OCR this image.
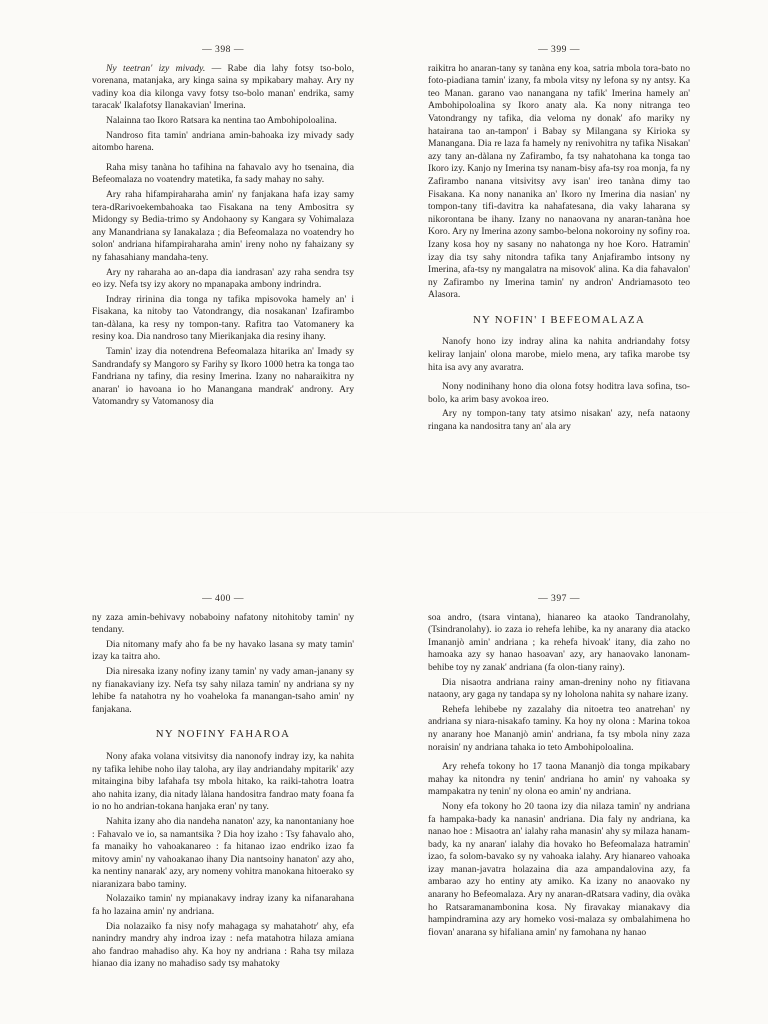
— 398 —

Ny teetran' izy mivady. — Rabe dia lahy fotsy tso-bolo, vorenana, matanjaka, ary kinga saina sy mpikabary mahay. Ary ny vadiny koa dia kilonga vavy fotsy tso-bolo manan' endrika, samy taracak' Ikalafotsy Ilanakavian' Imerina.

Nalainna tao Ikoro Ratsara ka nentina tao Ambohipoloalina.

Nandroso fita tamin' andriana amin-bahoaka izy mivady sady aitombo harena.

Raha misy tanàna ho tafihina na fahavalo avy ho tsenaina, dia Befeomalaza no voatendry matetika, fa sady mahay no sahy.

Ary raha hifampiraharaha amin' ny fanjakana hafa izay samy tera-dRarivoekembahoaka tao Fisakana na teny Ambositra sy Midongy sy Bedia-trimo sy Andohaony sy Kangara sy Vohimalaza any Manandriana sy Ianakalaza ; dia Befeomalaza no voatendry ho solon' andriana hifampiraharaha amin' ireny noho ny fahaizany sy ny fahasahiany mandaha-teny.

Ary ny raharaha ao an-dapa dia iandrasan' azy raha sendra tsy eo izy. Nefa tsy izy akory no mpanapaka ambony indrindra.

Indray ririnina dia tonga ny tafika mpisovoka hamely an' i Fisakana, ka nitoby tao Vatondrangy, dia nosakanan' Izafirambo tan-dàlana, ka resy ny tompon-tany. Rafitra tao Vatomanery ka resiny koa. Dia nandroso tany Mierikanjaka dia resiny ihany.

Tamin' izay dia notendrena Befeomalaza hitarika an' Imady sy Sandrandafy sy Mangoro sy Farihy sy Ikoro 1000 hetra ka tonga tao Fandriana ny tafiny, dia resiny Imerina. Izany no naharaikitra ny anaran' io havoana io ho Manangana mandrak' androny. Ary Vatomandry sy Vatomanosy dia

— 399 —

raikitra ho anaran-tany sy tanàna eny koa, satria mbola tora-bato no foto-piadiana tamin' izany, fa mbola vitsy ny lefona sy ny antsy. Ka teo Manan. garano vao nanangana ny tafik' Imerina hamely an' Ambohipoloalina sy Ikoro anaty ala. Ka nony nitranga teo Vatondrangy ny tafika, dia veloma ny donak' afo mariky ny hatairana tao an-tampon' i Babay sy Milangana sy Kirioka sy Manangana. Dia re laza fa hamely ny renivohitra ny tafika Nisakan' azy tany an-dàlana ny Zafirambo, fa tsy nahatohana ka tonga tao Ikoro izy. Kanjo ny Imerina tsy nanam-bisy afa-tsy roa monja, fa ny Zafirambo nanana vitsivitsy avy isan' ireo tanàna dimy tao Fisakana. Ka nony nananika an' Ikoro ny Imerina dia nasian' ny tompon-tany tifi-davitra ka nahafatesana, dia vaky laharana sy nikorontana be ihany. Izany no nanaovana ny anaran-tanàna hoe Koro. Ary ny Imerina azony sambo-belona nokoroiny ny sofiny roa. Izany kosa hoy ny sasany no nahatonga ny hoe Koro. Hatramin' izay dia tsy sahy nitondra tafika tany Anjafirambo intsony ny Imerina, afa-tsy ny mangalatra na misovok' alina. Ka dia fahavalon' ny Zafirambo ny Imerina tamin' ny andron' Andriamasoto teo Alasora.

NY NOFIN' I BEFEOMALAZA

Nanofy hono izy indray alina ka nahita andriandahy fotsy keliray lanjain' olona marobe, mielo mena, ary tafika marobe tsy hita isa avy any avaratra.

Nony nodinihany hono dia olona fotsy hoditra lava sofina, tso-bolo, ka arim basy avokoa ireo.

Ary ny tompon-tany taty atsimo nisakan' azy, nefa nataony ringana ka nandositra tany an' ala ary

— 400 —

ny zaza amin-behivavy nobaboiny nafatony nitohitoby tamin' ny tendany.

Dia nitomany mafy aho fa be ny havako lasana sy maty tamin' izay ka taitra aho.

Dia niresaka izany nofiny izany tamin' ny vady aman-janany sy ny fianakaviany izy. Nefa tsy sahy nilaza tamin' ny andriana sy ny lehibe fa natahotra ny ho voaheloka fa manangan-tsaho amin' ny fanjakana.

NY NOFINY FAHAROA

Nony afaka volana vitsivitsy dia nanonofy indray izy, ka nahita ny tafika lehibe noho ilay taloha, ary ilay andriandahy mpitarik' azy mitaingina biby lafahafa tsy mbola hitako, ka raiki-tahotra loatra aho nahita izany, dia nitady làlana handositra fandrao maty foana fa io no ho andrian-tokana hanjaka eran' ny tany.

Nahita izany aho dia nandeha nanaton' azy, ka nanontaniany hoe : Fahavalo ve io, sa namantsika ? Dia hoy izaho : Tsy fahavalo aho, fa manaiky ho vahoakanareo : fa hitanao izao endriko izao fa mitovy amin' ny vahoakanao ihany Dia nantsoiny hanaton' azy aho, ka nentiny nanarak' azy, ary nomeny vohitra manokana hitoerako sy niaranizara babo taminy.

Nolazaiko tamin' ny mpianakavy indray izany ka nifanarahana fa ho lazaina amin' ny andriana.

Dia nolazaiko fa nisy nofy mahagaga sy mahatahotr' ahy, efa nanindry mandry ahy indroa izay : nefa matahotra hilaza amiana aho fandrao mahadiso ahy. Ka hoy ny andriana : Raha tsy milaza hianao dia izany no mahadiso sady tsy mahatoky

— 397 —

soa andro, (tsara vintana), hianareo ka ataoko Tandranolahy, (Tsindranolahy). io zaza io rehefa lehibe, ka ny anarany dia atacko Imananjò amin' andriana ; ka rehefa hivoak' itany, dia zaho no hamoaka azy sy hanao hasoavan' azy, ary hanaovako lanonam-behibe toy ny zanak' andriana (fa olon-tiany rainy).

Dia nisaotra andriana rainy aman-dreniny noho ny fitiavana nataony, ary gaga ny tandapa sy ny loholona nahita sy nahare izany.

Rehefa lehibebe ny zazalahy dia nitoetra teo anatrehan' ny andriana sy niara-nisakafo taminy. Ka hoy ny olona : Marina tokoa ny anarany hoe Mananjò amin' andriana, fa tsy mbola niny zaza noraisin' ny andriana tahaka io teto Ambohipoloalina.

Ary rehefa tokony ho 17 taona Mananjò dia tonga mpikabary mahay ka nitondra ny tenin' andriana ho amin' ny vahoaka sy mampakatra ny tenin' ny olona eo amin' ny andriana.

Nony efa tokony ho 20 taona izy dia nilaza tamin' ny andriana fa hampaka-bady ka nanasin' andriana. Dia faly ny andriana, ka nanao hoe : Misaotra an' ialahy raha manasin' ahy sy milaza hanam-bady, ka ny anaran' ialahy dia hovako ho Befeomalaza hatramin' izao, fa solom-bavako sy ny vahoaka ialahy. Ary hianareo vahoaka izay manan-javatra holazaina dia aza ampandalovina azy, fa ambarao azy ho entiny aty amiko. Ka izany no anaovako ny anarany ho Befeomalaza. Ary ny anaran-dRatsara vadiny, dia ovàka ho Ratsaramanambonina kosa. Ny firavakay mianakavy dia hampindramina azy ary homeko vosi-malaza sy ombalahimena ho fiovan' anarana sy hifaliana amin' ny famohana ny hanao
